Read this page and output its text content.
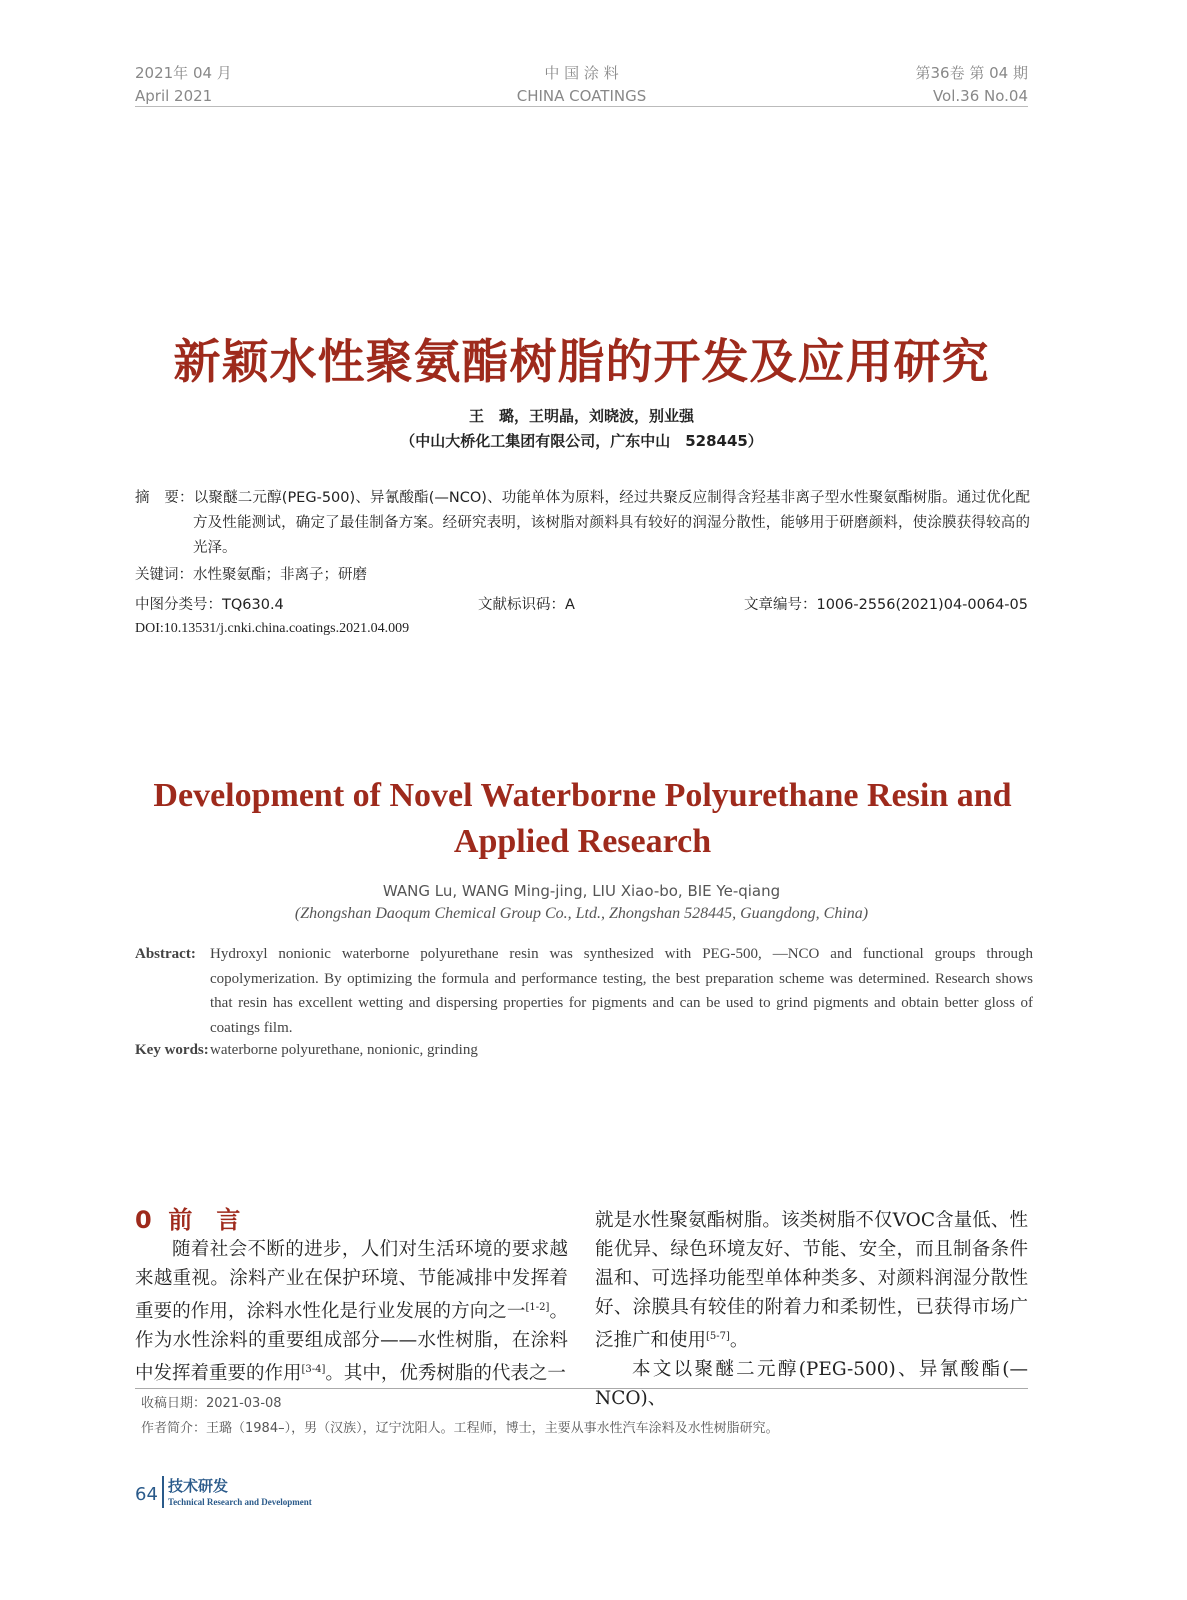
2021年 04 月
April 2021
中 国 涂 料
CHINA COATINGS
第36卷 第 04 期
Vol.36 No.04
新颖水性聚氨酯树脂的开发及应用研究
王　璐，王明晶，刘晓波，别业强
（中山大桥化工集团有限公司，广东中山　528445）
摘　要：以聚醚二元醇(PEG-500)、异氰酸酯(—NCO)、功能单体为原料，经过共聚反应制得含羟基非离子型水性聚氨酯树脂。通过优化配方及性能测试，确定了最佳制备方案。经研究表明，该树脂对颜料具有较好的润湿分散性，能够用于研磨颜料，使涂膜获得较高的光泽。
关键词：水性聚氨酯；非离子；研磨
中图分类号：TQ630.4	文献标识码：A	文章编号：1006-2556(2021)04-0064-05
DOI:10.13531/j.cnki.china.coatings.2021.04.009
Development of Novel Waterborne Polyurethane Resin and Applied Research
WANG Lu, WANG Ming-jing, LIU Xiao-bo, BIE Ye-qiang
(Zhongshan Daoqum Chemical Group Co., Ltd., Zhongshan 528445, Guangdong, China)
Abstract: Hydroxyl nonionic waterborne polyurethane resin was synthesized with PEG-500, —NCO and functional groups through copolymerization. By optimizing the formula and performance testing, the best preparation scheme was determined. Research shows that resin has excellent wetting and dispersing properties for pigments and can be used to grind pigments and obtain better gloss of coatings film.
Key words:waterborne polyurethane, nonionic, grinding
0  前　言

随着社会不断的进步，人们对生活环境的要求越来越重视。涂料产业在保护环境、节能减排中发挥着重要的作用，涂料水性化是行业发展的方向之一[1-2]。作为水性涂料的重要组成部分——水性树脂，在涂料中发挥着重要的作用[3-4]。其中，优秀树脂的代表之一

就是水性聚氨酯树脂。该类树脂不仅VOC含量低、性能优异、绿色环境友好、节能、安全，而且制备条件温和、可选择功能型单体种类多、对颜料润湿分散性好、涂膜具有较佳的附着力和柔韧性，已获得市场广泛推广和使用[5-7]。

本文以聚醚二元醇(PEG-500)、异氰酸酯(—NCO)、

收稿日期：2021-03-08
作者简介：王璐（1984–），男（汉族），辽宁沈阳人。工程师，博士，主要从事水性汽车涂料及水性树脂研究。
64 技术研发
Technical Research and Development
